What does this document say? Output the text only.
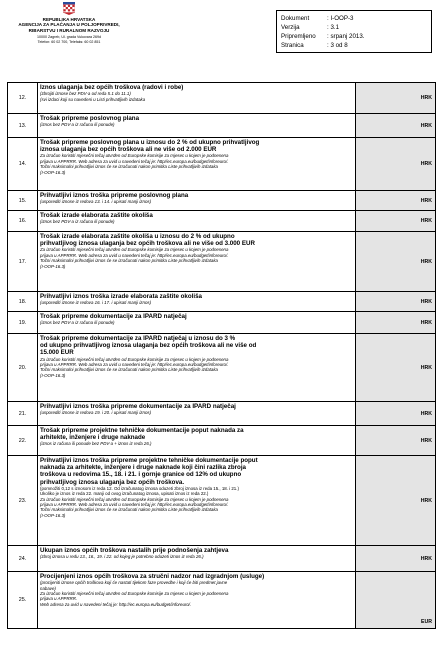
REPUBLIKA HRVATSKA
AGENCIJA ZA PLAĆANJA U POLJOPRIVREDI,
RIBARSTVU I RURALNOM RAZVOJU
10000 Zagreb, Ul. grada Vukovara 269d
Telefon: 60 02 700, Telefaks: 60 02 851
Dokument	: I-OOP-3
Verzija	: 3.1
Pripremljeno	: srpanj 2013.
Stranica	: 3 od 8
12.
Iznos ulaganja bez općih troškova (radovi i robe)
(zbrojiti iznose bez PDV-a od reda 5.1 do 11.1)
(svi izdaci koji su navedeni u Listi prihvatljivih izdataka	HRK
13.
Trošak pripreme poslovnog plana
(iznos bez PDV-a iz računa ili ponude)	HRK
14.
Trošak pripreme poslovnog plana u iznosu do 2 % od ukupno prihvatljivog
iznosa ulaganja bez općih troškova ali ne više od 2.000 EUR
Za izračun koristiti mjesečni tečaj utvrđen od Europske komisije za mjesec u kojem je podnesena
prijava u APPRRR. Web adresa za uvid u navedeni tečaj je: http//ec.europa.eu/budget/inforeuro/.
Točni maksimalni prihvatljivi iznos će se izračunati nakon primitka Liste prihvatljivih izdataka
(I-OOP-16.3)
HRK
15.
Prihvatljivi iznos troška pripreme poslovnog plana
(usporediti iznose iz redova 13. i 14. i upisati manji iznos)	HRK
16.
Trošak izrade elaborata zaštite okoliša
(iznos bez PDV-a iz računa ili ponude)	HRK
17.
Trošak izrade elaborata zaštite okoliša u iznosu do 2 % od ukupno
prihvatljivog iznosa ulaganja bez općih troškova ali ne više od 3.000 EUR
Za izračun koristiti mjesečni tečaj utvrđen od Europske komisije za mjesec u kojem je podnesena
prijava u APPRRR. Web adresa za uvid u navedeni tečaj je: http//ec.europa.eu/budget/inforeuro/.
Točni maksimalni prihvatljivi iznos će se izračunati nakon primitka Liste prihvatljivih izdataka
(I-OOP-16.3)
HRK
18.
Prihvatljivi iznos troška izrade elaborata zaštite okoliša
(usporediti iznose iz redova 16. i 17. i upisati manji iznos)	HRK
19.
Trošak pripreme dokumentacije za IPARD natječaj
(iznos bez PDV-a iz računa ili ponude)	HRK
20.
Trošak pripreme dokumentacije za IPARD natječaj u iznosu do 3 %
od ukupno prihvatljivog iznosa ulaganja bez općih troškova ali ne više od
15.000 EUR
Za izračun koristiti mjesečni tečaj utvrđen od Europske komisije za mjesec u kojem je podnesena
prijava u APPRRR. Web adresa za uvid u navedeni tečaj je: http//ec.europa.eu/budget/inforeuro/.
Točni maksimalni prihvatljivi iznos će se izračunati nakon primitka Liste prihvatljivih izdataka
(I-OOP-16.3)
HRK
21.
Prihvatljivi iznos troška pripreme dokumentacije za IPARD natječaj
(usporediti iznose iz redova 19. i 20. i upisati manji iznos)	HRK
22.
Trošak pripreme projektne tehničke dokumentacije poput naknada za
arhitekte, inženjere i druge naknade
(iznos iz računa ili ponude bez PDV-a + iznos iz reda 26.)
HRK
23.
Prihvatljivi iznos troška pripreme projektne tehničke dokumentacije poput
naknada za arhitekte, inženjere i druge naknade koji čini razlika zbroja
troškova u redovima 15., 18. i 21. i gornje granice od 12% od ukupno
prihvatljivog iznosa ulaganja bez općih troškova.
(pomnožiti 0,12 s iznosom iz reda 12. Od izračunatog iznosa oduzeti zbroj iznosa iz reda 15., 18. i 21.)
Ukoliko je iznos iz reda 22. manji od ovog izračunatog iznosa, upisati iznos iz reda 22.)
Za izračun koristiti mjesečni tečaj utvrđen od Europske komisije za mjesec u kojem je podnesena
prijava u APPRRR. Web adresa za uvid u navedeni tečaj je: http//ec.europa.eu/budget/inforeuro/.
Točni maksimalni prihvatljivi iznos će se izračunati nakon primitka Liste prihvatljivih izdataka
(I-OOP-16.3)
HRK
24.
Ukupan iznos općih troškova nastalih prije podnošenja zahtjeva
(zbroj iznosa u redu 13., 16., 19. i 22. od kojeg je potrebno oduzeti iznos iz reda 26.)	HRK
25.
Procijenjeni iznos općih troškova za stručni nadzor nad izgradnjom (usluge)
(procijeniti iznose općih troškova koji će nastati tijekom faze provedbe i koji će biti predmet javne
nabave)
Za izračun koristiti mjesečni tečaj utvrđen od Europske komisije za mjesec u kojem je podnesena
prijava u APPRRR.
Web adresa za uvid u navedeni tečaj je: http://ec.europa.eu/budget/inforeuro/.
EUR
